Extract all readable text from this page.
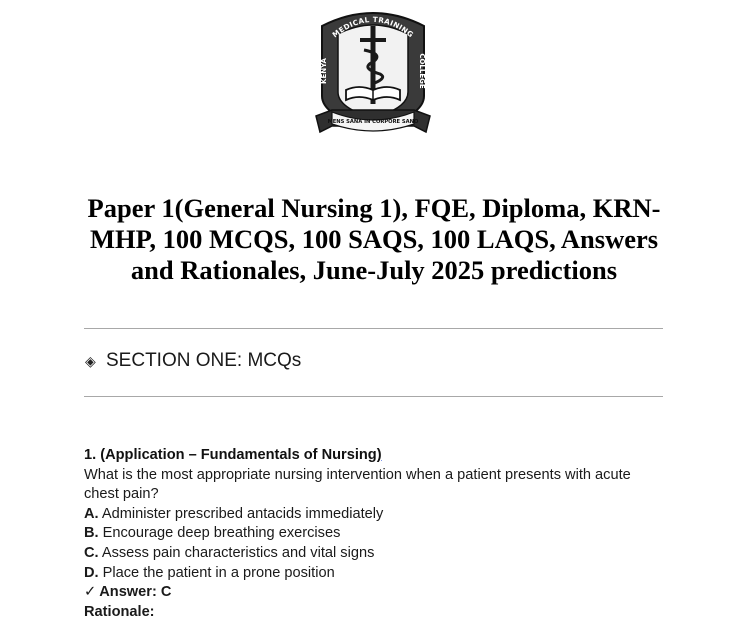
MEDICAL TRAINING
KENYA
COLLEGE
MENS SANA IN CORPORE SANO
Paper 1(General Nursing 1), FQE, Diploma, KRN-MHP, 100 MCQS, 100 SAQS, 100 LAQS, Answers and Rationales, June-July 2025 predictions
◈ SECTION ONE: MCQs
1. (Application – Fundamentals of Nursing)
What is the most appropriate nursing intervention when a patient presents with acute chest pain?
A. Administer prescribed antacids immediately
B. Encourage deep breathing exercises
C. Assess pain characteristics and vital signs
D. Place the patient in a prone position
✓ Answer: C
Rationale:
